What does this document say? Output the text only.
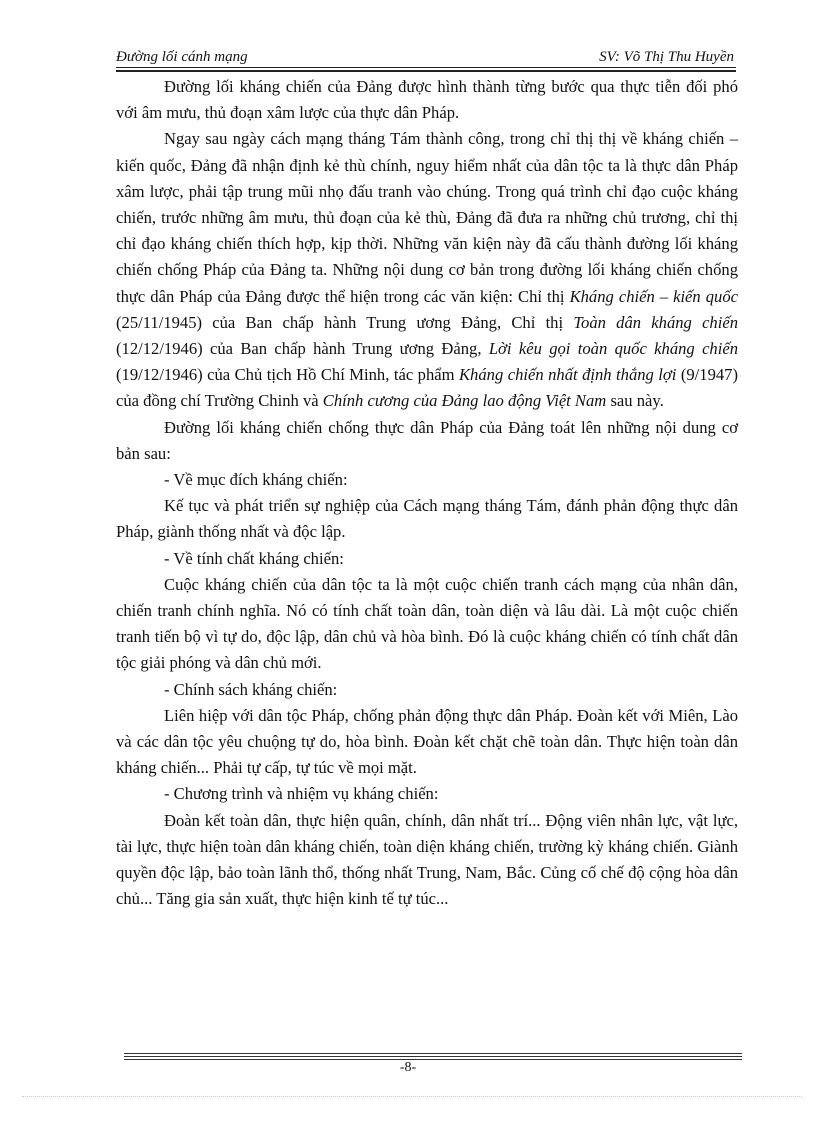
Đường lối cánh mạng	SV: Võ Thị Thu Huyền

Đường lối kháng chiến của Đảng được hình thành từng bước qua thực tiễn đối phó với âm mưu, thủ đoạn xâm lược của thực dân Pháp.

Ngay sau ngày cách mạng tháng Tám thành công, trong chỉ thị thị về kháng chiến – kiến quốc, Đảng đã nhận định kẻ thù chính, nguy hiểm nhất của dân tộc ta là thực dân Pháp xâm lược, phải tập trung mũi nhọ đấu tranh vào chúng. Trong quá trình chỉ đạo cuộc kháng chiến, trước những âm mưu, thủ đoạn của kẻ thù, Đảng đã đưa ra những chủ trương, chỉ thị chỉ đạo kháng chiến thích hợp, kịp thời. Những văn kiện này đã cấu thành đường lối kháng chiến chống Pháp của Đảng ta. Những nội dung cơ bản trong đường lối kháng chiến chống thực dân Pháp của Đảng được thể hiện trong các văn kiện: Chỉ thị Kháng chiến – kiến quốc (25/11/1945) của Ban chấp hành Trung ương Đảng, Chỉ thị Toàn dân kháng chiến (12/12/1946) của Ban chấp hành Trung ương Đảng, Lời kêu gọi toàn quốc kháng chiến (19/12/1946) của Chủ tịch Hồ Chí Minh, tác phẩm Kháng chiến nhất định thắng lợi (9/1947) của đồng chí Trường Chinh và Chính cương của Đảng lao động Việt Nam sau này.

Đường lối kháng chiến chống thực dân Pháp của Đảng toát lên những nội dung cơ bản sau:

- Về mục đích kháng chiến:

Kế tục và phát triển sự nghiệp của Cách mạng tháng Tám, đánh phản động thực dân Pháp, giành thống nhất và độc lập.

- Về tính chất kháng chiến:

Cuộc kháng chiến của dân tộc ta là một cuộc chiến tranh cách mạng của nhân dân, chiến tranh chính nghĩa. Nó có tính chất toàn dân, toàn diện và lâu dài. Là một cuộc chiến tranh tiến bộ vì tự do, độc lập, dân chủ và hòa bình. Đó là cuộc kháng chiến có tính chất dân tộc giải phóng và dân chủ mới.

- Chính sách kháng chiến:

Liên hiệp với dân tộc Pháp, chống phản động thực dân Pháp. Đoàn kết với Miên, Lào và các dân tộc yêu chuộng tự do, hòa bình. Đoàn kết chặt chẽ toàn dân. Thực hiện toàn dân kháng chiến... Phải tự cấp, tự túc về mọi mặt.

- Chương trình và nhiệm vụ kháng chiến:

Đoàn kết toàn dân, thực hiện quân, chính, dân nhất trí... Động viên nhân lực, vật lực, tài lực, thực hiện toàn dân kháng chiến, toàn diện kháng chiến, trường kỳ kháng chiến. Giành quyền độc lập, bảo toàn lãnh thổ, thống nhất Trung, Nam, Bắc. Củng cố chế độ cộng hòa dân chủ... Tăng gia sản xuất, thực hiện kinh tế tự túc...

-8-
